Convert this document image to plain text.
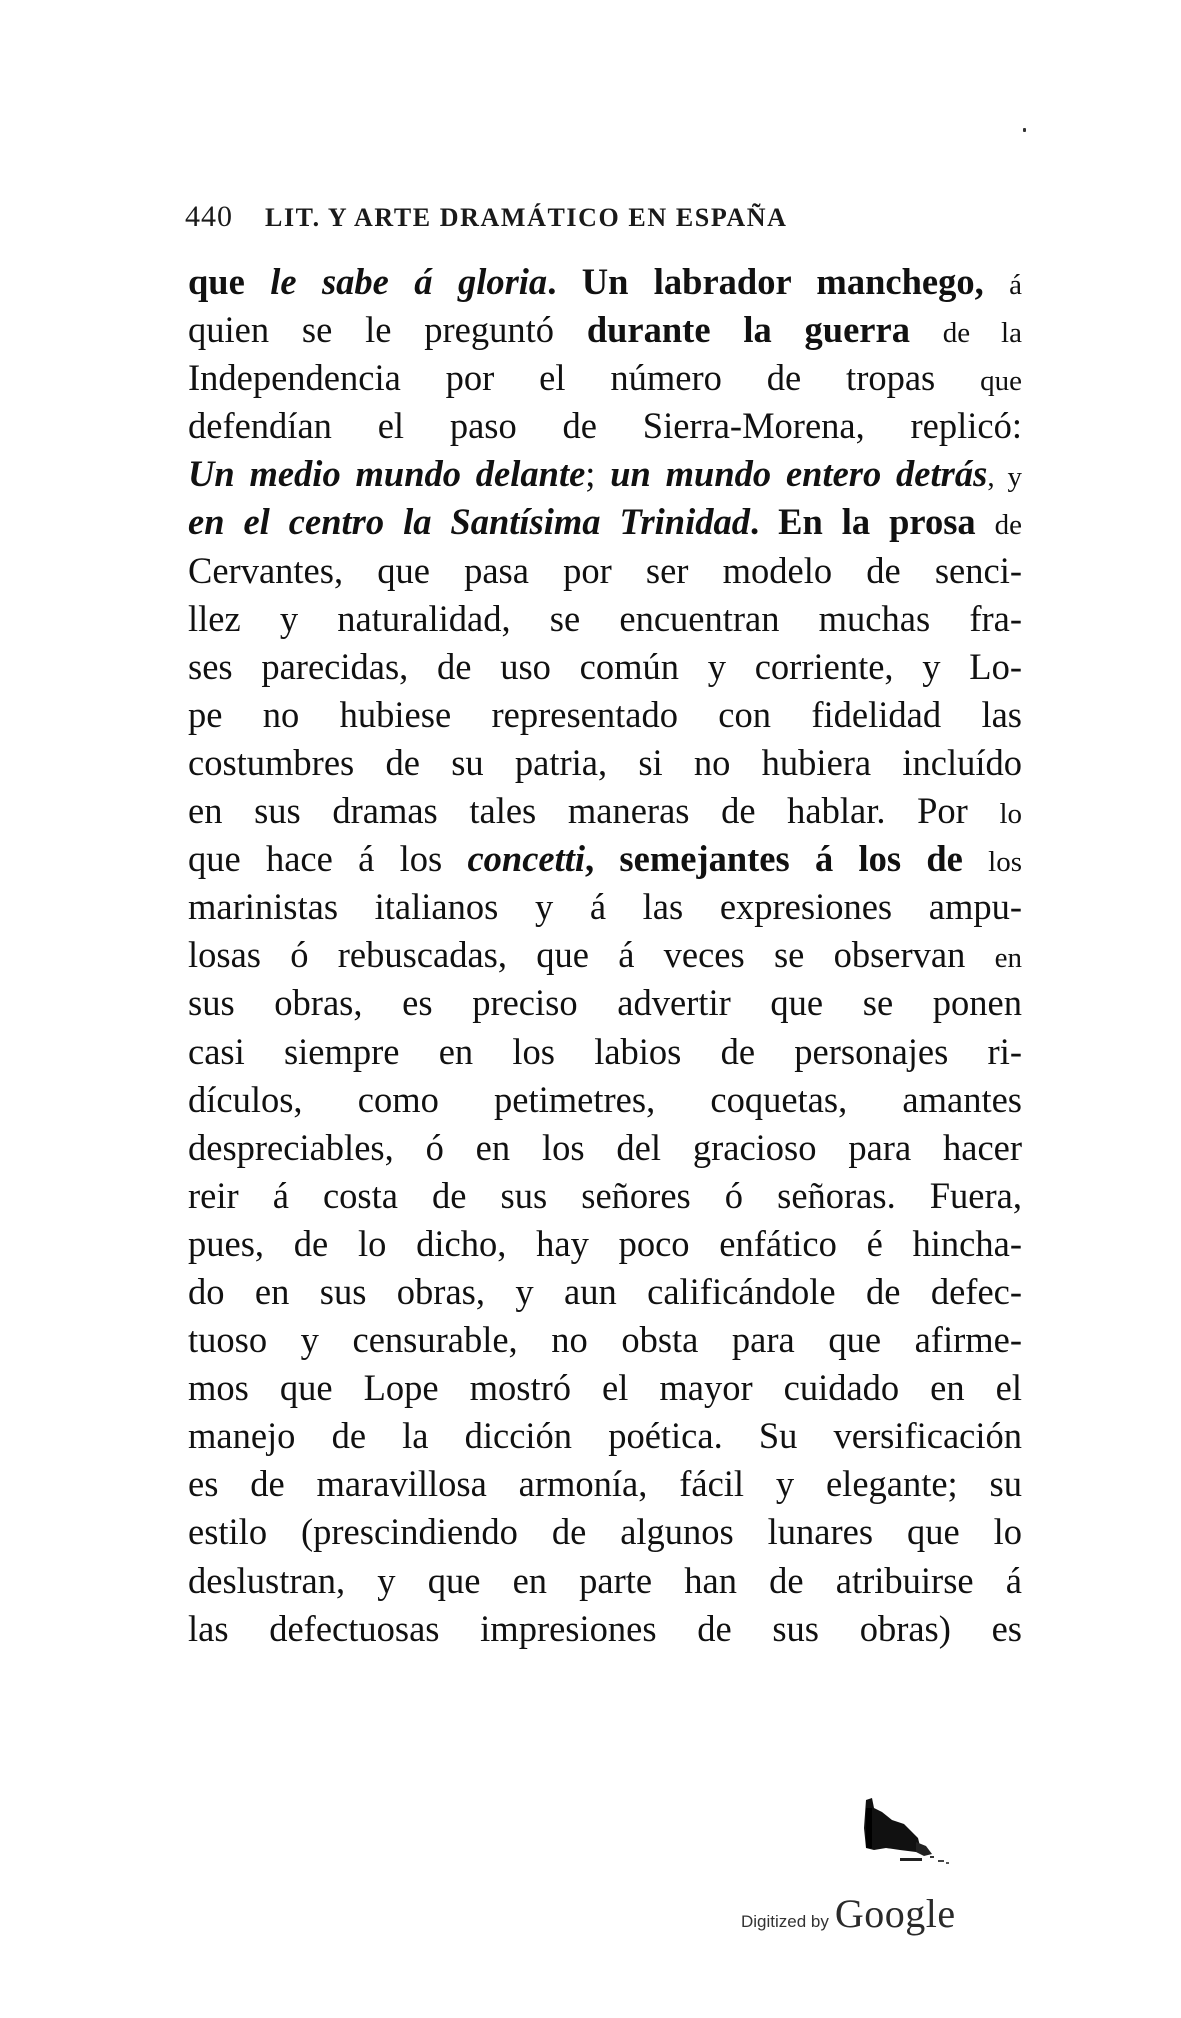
440 LIT. Y ARTE DRAMÁTICO EN ESPAÑA
que le sabe á gloria. Un labrador manchego, á
quien se le preguntó durante la guerra de la
Independencia por el número de tropas que
defendían el paso de Sierra-Morena, replicó:
Un medio mundo delante; un mundo entero detrás, y
en el centro la Santísima Trinidad. En la prosa de
Cervantes, que pasa por ser modelo de senci-
llez y naturalidad, se encuentran muchas fra-
ses parecidas, de uso común y corriente, y Lo-
pe no hubiese representado con fidelidad las
costumbres de su patria, si no hubiera incluído
en sus dramas tales maneras de hablar. Por lo
que hace á los concetti, semejantes á los de los
marinistas italianos y á las expresiones ampu-
losas ó rebuscadas, que á veces se observan en
sus obras, es preciso advertir que se ponen
casi siempre en los labios de personajes ri-
dículos, como petimetres, coquetas, amantes
despreciables, ó en los del gracioso para hacer
reir á costa de sus señores ó señoras. Fuera,
pues, de lo dicho, hay poco enfático é hincha-
do en sus obras, y aun calificándole de defec-
tuoso y censurable, no obsta para que afirme-
mos que Lope mostró el mayor cuidado en el
manejo de la dicción poética. Su versificación
es de maravillosa armonía, fácil y elegante; su
estilo (prescindiendo de algunos lunares que lo
deslustran, y que en parte han de atribuirse á
las defectuosas impresiones de sus obras) es
Digitized by Google
